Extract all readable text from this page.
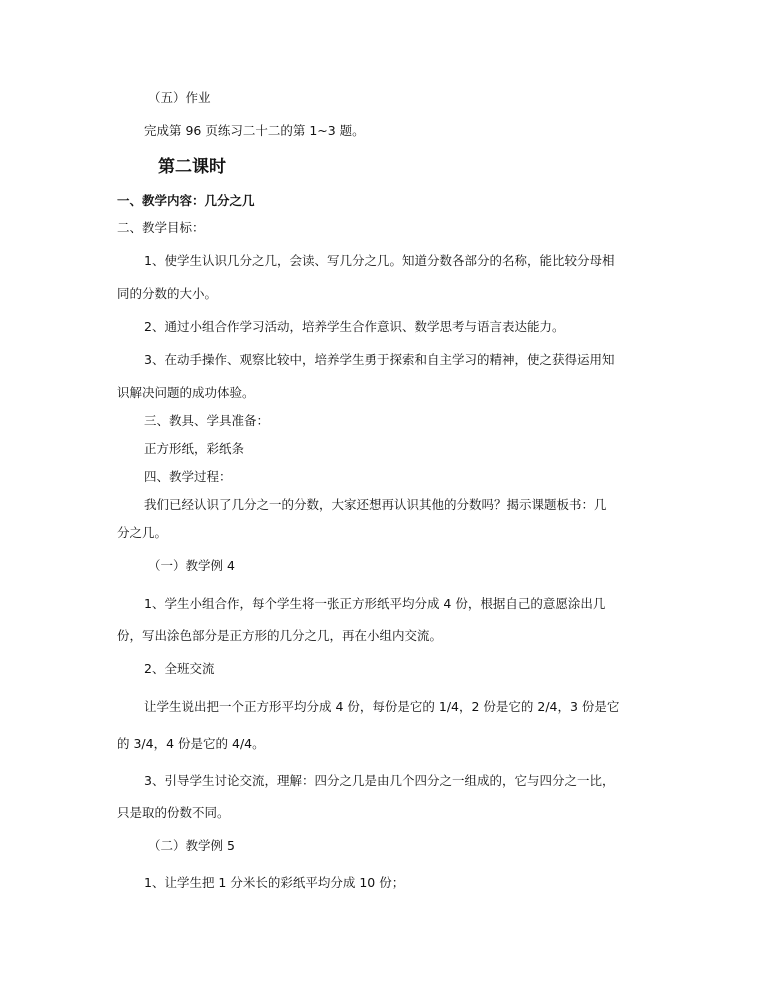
（五）作业
完成第 96 页练习二十二的第 1~3 题。
第二课时
一、教学内容：几分之几
二、教学目标：
1、使学生认识几分之几，会读、写几分之几。知道分数各部分的名称，能比较分母相
同的分数的大小。
2、通过小组合作学习活动，培养学生合作意识、数学思考与语言表达能力。
3、在动手操作、观察比较中，培养学生勇于探索和自主学习的精神，使之获得运用知
识解决问题的成功体验。
三、教具、学具准备：
正方形纸，彩纸条
四、教学过程：
我们已经认识了几分之一的分数，大家还想再认识其他的分数吗？揭示课题板书：几
分之几。
（一）教学例 4
1、学生小组合作，每个学生将一张正方形纸平均分成 4 份，根据自己的意愿涂出几
份，写出涂色部分是正方形的几分之几，再在小组内交流。
2、全班交流
让学生说出把一个正方形平均分成 4 份，每份是它的 1/4，2 份是它的 2/4，3 份是它
的 3/4，4 份是它的 4/4。
3、引导学生讨论交流，理解：四分之几是由几个四分之一组成的，它与四分之一比，
只是取的份数不同。
（二）教学例 5
1、让学生把 1 分米长的彩纸平均分成 10 份；
